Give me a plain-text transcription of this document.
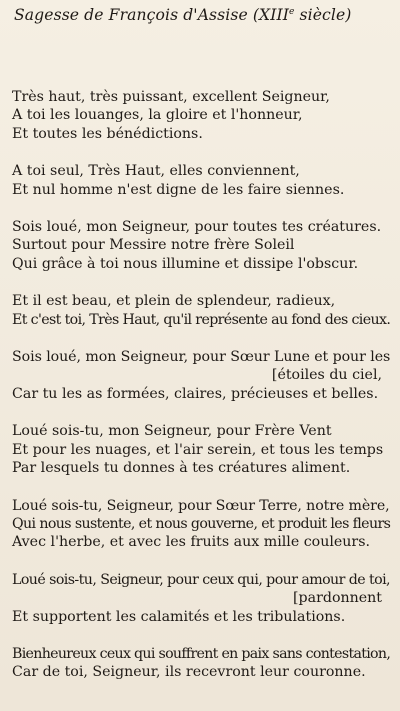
Sagesse de François d'Assise (XIIIe siècle)
Très haut, très puissant, excellent Seigneur,
A toi les louanges, la gloire et l'honneur,
Et toutes les bénédictions.
A toi seul, Très Haut, elles conviennent,
Et nul homme n'est digne de les faire siennes.
Sois loué, mon Seigneur, pour toutes tes créatures.
Surtout pour Messire notre frère Soleil
Qui grâce à toi nous illumine et dissipe l'obscur.
Et il est beau, et plein de splendeur, radieux,
Et c'est toi, Très Haut, qu'il représente au fond des cieux.
Sois loué, mon Seigneur, pour Sœur Lune et pour les
[étoiles du ciel,
Car tu les as formées, claires, précieuses et belles.
Loué sois-tu, mon Seigneur, pour Frère Vent
Et pour les nuages, et l'air serein, et tous les temps
Par lesquels tu donnes à tes créatures aliment.
Loué sois-tu, Seigneur, pour Sœur Terre, notre mère,
Qui nous sustente, et nous gouverne, et produit les fleurs
Avec l'herbe, et avec les fruits aux mille couleurs.
Loué sois-tu, Seigneur, pour ceux qui, pour amour de toi,
[pardonnent
Et supportent les calamités et les tribulations.
Bienheureux ceux qui souffrent en paix sans contestation,
Car de toi, Seigneur, ils recevront leur couronne.
